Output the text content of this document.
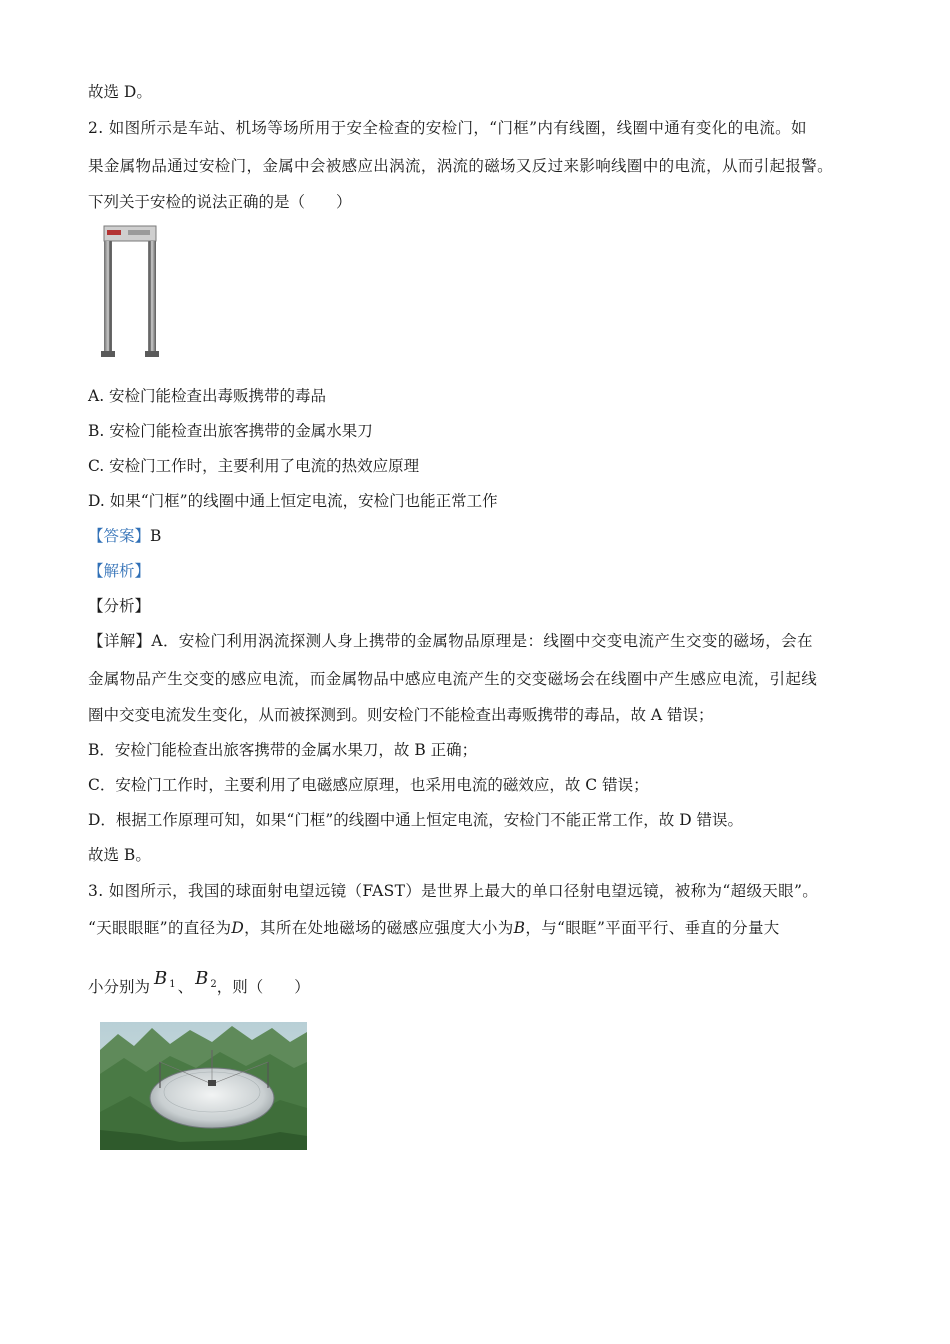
故选 D。
2. 如图所示是车站、机场等场所用于安全检查的安检门，“门框”内有线圈，线圈中通有变化的电流。如
果金属物品通过安检门，金属中会被感应出涡流，涡流的磁场又反过来影响线圈中的电流，从而引起报警。
下列关于安检的说法正确的是（　　）
A. 安检门能检查出毒贩携带的毒品
B. 安检门能检查出旅客携带的金属水果刀
C. 安检门工作时，主要利用了电流的热效应原理
D. 如果“门框”的线圈中通上恒定电流，安检门也能正常工作
【答案】B
【解析】
【分析】
【详解】A．安检门利用涡流探测人身上携带的金属物品原理是：线圈中交变电流产生交变的磁场，会在
金属物品产生交变的感应电流，而金属物品中感应电流产生的交变磁场会在线圈中产生感应电流，引起线
圈中交变电流发生变化，从而被探测到。则安检门不能检查出毒贩携带的毒品，故 A 错误；
B．安检门能检查出旅客携带的金属水果刀，故 B 正确；
C．安检门工作时，主要利用了电磁感应原理，也采用电流的磁效应，故 C 错误；
D．根据工作原理可知，如果“门框”的线圈中通上恒定电流，安检门不能正常工作，故 D 错误。
故选 B。
3. 如图所示，我国的球面射电望远镜（FAST）是世界上最大的单口径射电望远镜，被称为“超级天眼”。
“天眼眼眶”的直径为D，其所在处地磁场的磁感应强度大小为B，与“眼眶”平面平行、垂直的分量大
小分别为 B $_1$ 、 B $_2$，则（　　）
